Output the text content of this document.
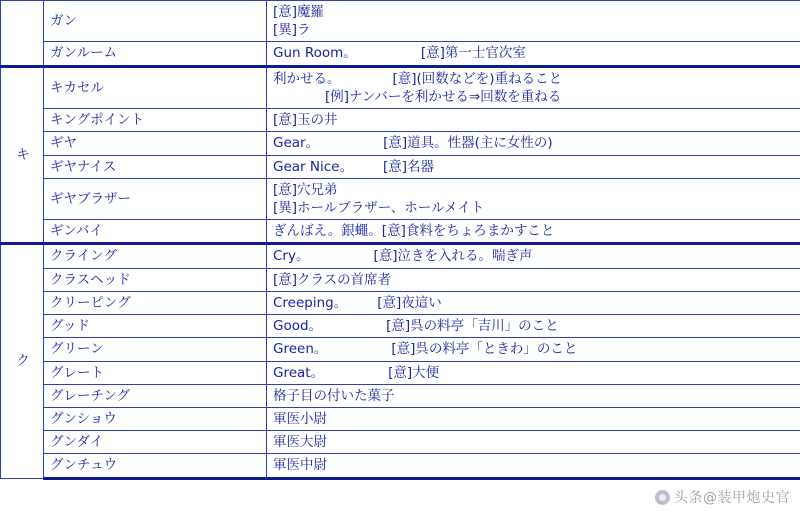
	ガン	[意]魔羅
[異]ラ

	ガンルーム	Gun Room。 [意]第一士官次室

キ	キカセル	利かせる。 [意](回数などを)重ねること
[例]ナンバーを利かせる⇒回数を重ねる

	キングポイント	[意]玉の井

	ギヤ	Gear。 [意]道具。性器(主に女性の)

	ギヤナイス	Gear Nice。 [意]名器

	ギヤブラザー	[意]穴兄弟
[異]ホールブラザー、ホールメイト

	ギンバイ	ぎんばえ。銀蠅。[意]食料をちょろまかすこと

ク	クライング	Cry。 [意]泣きを入れる。喘ぎ声

	クラスヘッド	[意]クラスの首席者

	クリーピング	Creeping。 [意]夜這い

	グッド	Good。 [意]呉の料亭「吉川」のこと

	グリーン	Green。 [意]呉の料亭「ときわ」のこと

	グレート	Great。 [意]大便

	グレーチング	格子目の付いた菓子

	グンショウ	軍医小尉

	グンダイ	軍医大尉

	グンチュウ	軍医中尉
头条@装甲炮史官
